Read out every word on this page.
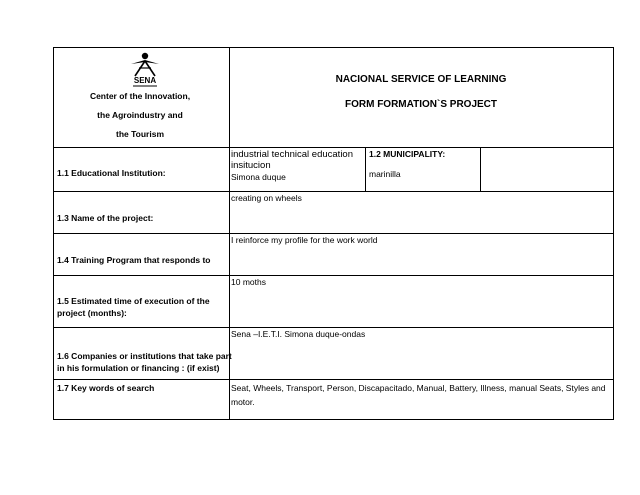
SENA
Center of the Innovation,
the Agroindustry and
the Tourism
NACIONAL SERVICE OF LEARNING
FORM FORMATION`S PROJECT
1.1 Educational Institution:
industrial technical education
insitucion
Simona duque
1.2 MUNICIPALITY:
marinilla
creating on wheels
1.3 Name of the project:
I reinforce my profile for the work world
1.4 Training Program that responds to
10 moths
1.5 Estimated time of execution of the
project (months):
Sena –I.E.T.I. Simona duque-ondas
1.6 Companies or institutions that take part
in his formulation or financing : (if exist)
1.7 Key words of search	Seat, Wheels, Transport, Person, Discapacitado, Manual, Battery, Illness, manual Seats, Styles and
motor.
